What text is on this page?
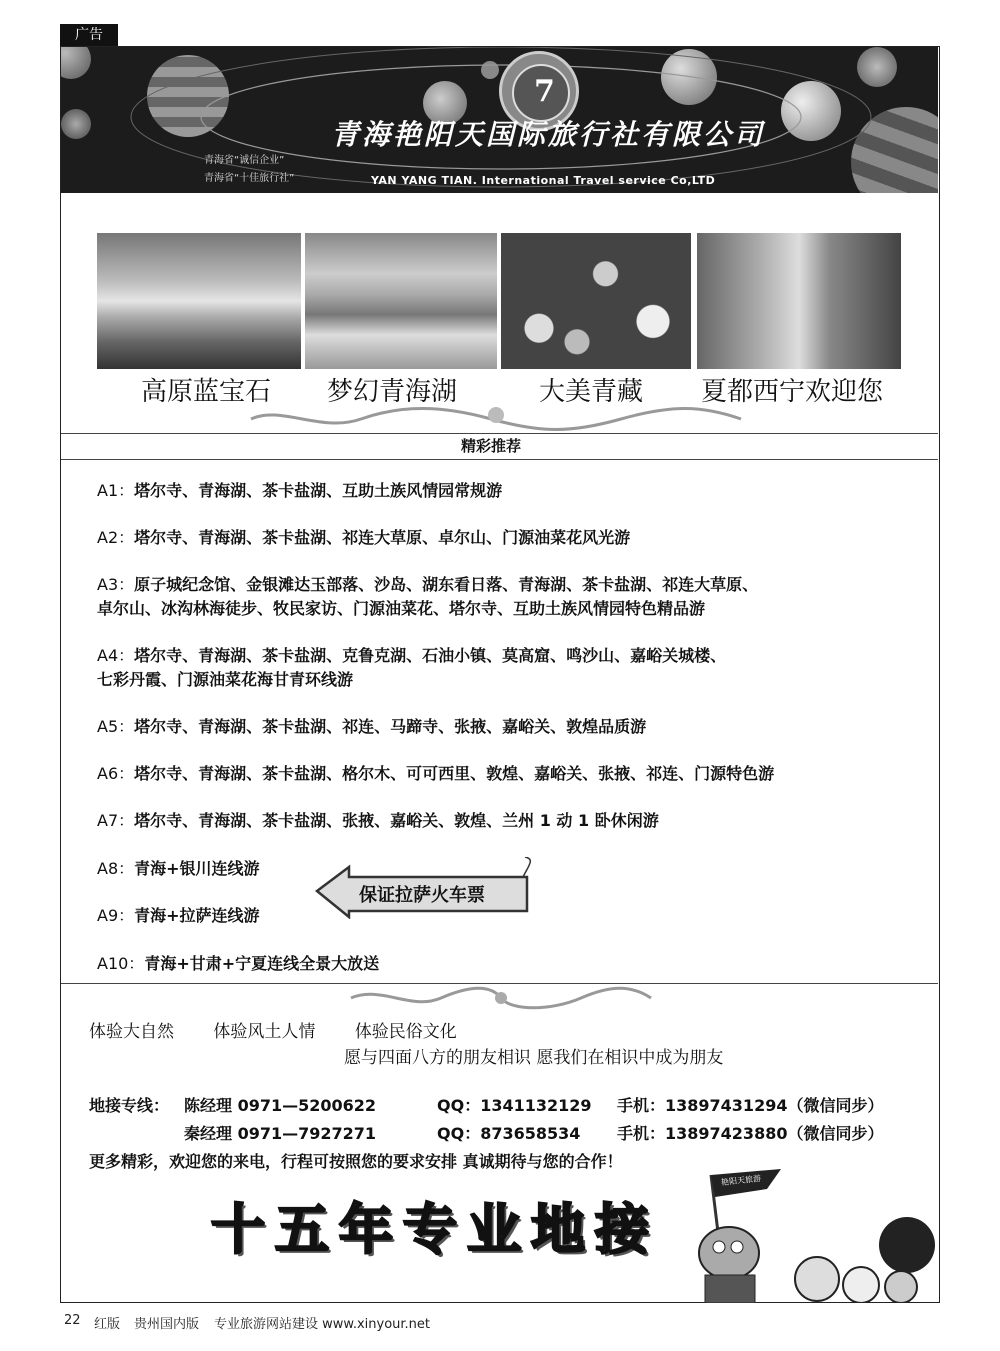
广告
7
青海艳阳天国际旅行社有限公司
YAN YANG TIAN. International Travel service Co,LTD
青海省“诚信企业”
青海省“十佳旅行社”
高原蓝宝石 梦幻青海湖	大美青藏 夏都西宁欢迎您
精彩推荐
A1：塔尔寺、青海湖、茶卡盐湖、互助土族风情园常规游
A2：塔尔寺、青海湖、茶卡盐湖、祁连大草原、卓尔山、门源油菜花风光游
A3：原子城纪念馆、金银滩达玉部落、沙岛、湖东看日落、青海湖、茶卡盐湖、祁连大草原、
卓尔山、冰沟林海徒步、牧民家访、门源油菜花、塔尔寺、互助土族风情园特色精品游
A4：塔尔寺、青海湖、茶卡盐湖、克鲁克湖、石油小镇、莫高窟、鸣沙山、嘉峪关城楼、
七彩丹霞、门源油菜花海甘青环线游
A5：塔尔寺、青海湖、茶卡盐湖、祁连、马蹄寺、张掖、嘉峪关、敦煌品质游
A6：塔尔寺、青海湖、茶卡盐湖、格尔木、可可西里、敦煌、嘉峪关、张掖、祁连、门源特色游
A7：塔尔寺、青海湖、茶卡盐湖、张掖、嘉峪关、敦煌、兰州 1 动 1 卧休闲游
A8：青海+银川连线游
A9：青海+拉萨连线游
A10：青海+甘肃+宁夏连线全景大放送
保证拉萨火车票
体验大自然 体验风土人情 体验民俗文化
愿与四面八方的朋友相识 愿我们在相识中成为朋友
地接专线： 陈经理 0971—5200622	QQ：1341132129 手机：13897431294（微信同步）
秦经理 0971—7927271	QQ：873658534 手机：13897423880（微信同步）
更多精彩，欢迎您的来电，行程可按照您的要求安排 真诚期待与您的合作！
十五年专业地接
艳阳天旅游
22 红版 贵州国内版 专业旅游网站建设 www.xinyour.net
